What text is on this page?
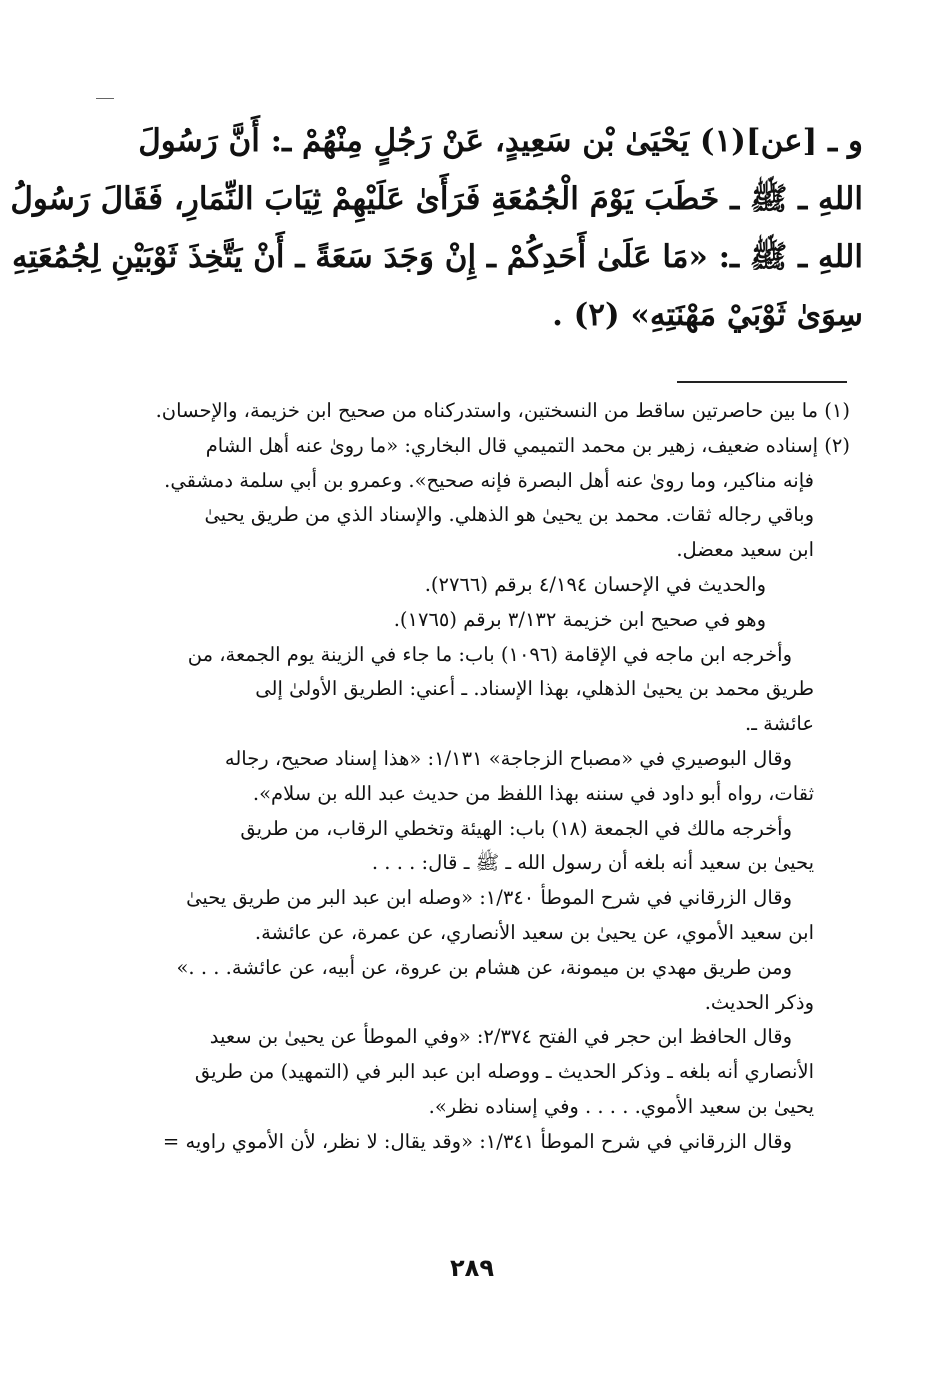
و ـ [عن](١) يَحْيَىٰ بْن سَعِيدٍ، عَنْ رَجُلٍ مِنْهُمْ ـ: أَنَّ رَسُولَ
اللهِ ـ ﷺ ـ خَطَبَ يَوْمَ الْجُمُعَةِ فَرَأَىٰ عَلَيْهِمْ ثِيَابَ النِّمَارِ، فَقَالَ رَسُولُ
اللهِ ـ ﷺ ـ: «مَا عَلَىٰ أَحَدِكُمْ ـ إِنْ وَجَدَ سَعَةً ـ أَنْ يَتَّخِذَ ثَوْبَيْنِ لِجُمُعَتِهِ
سِوَىٰ ثَوْبَيْ مَهْنَتِهِ» (٢) .
(١) ما بين حاصرتين ساقط من النسختين، واستدركناه من صحيح ابن خزيمة، والإحسان.
(٢) إسناده ضعيف، زهير بن محمد التميمي قال البخاري: «ما روىٰ عنه أهل الشام
فإنه مناكير، وما روىٰ عنه أهل البصرة فإنه صحيح». وعمرو بن أبي سلمة دمشقي.
وباقي رجاله ثقات. محمد بن يحيىٰ هو الذهلي. والإسناد الذي من طريق يحيىٰ
ابن سعيد معضل.
والحديث في الإحسان ٤/١٩٤ برقم (٢٧٦٦).
وهو في صحيح ابن خزيمة ٣/١٣٢ برقم (١٧٦٥).
وأخرجه ابن ماجه في الإقامة (١٠٩٦) باب: ما جاء في الزينة يوم الجمعة، من
طريق محمد بن يحيىٰ الذهلي، بهذا الإسناد. ـ أعني: الطريق الأولىٰ إلى
عائشة ـ.
وقال البوصيري في «مصباح الزجاجة» ١/١٣١: «هذا إسناد صحيح، رجاله
ثقات، رواه أبو داود في سننه بهذا اللفظ من حديث عبد الله بن سلام».
وأخرجه مالك في الجمعة (١٨) باب: الهيئة وتخطي الرقاب، من طريق
يحيىٰ بن سعيد أنه بلغه أن رسول الله ـ ﷺ ـ قال: . . . .
وقال الزرقاني في شرح الموطأ ١/٣٤٠: «وصله ابن عبد البر من طريق يحيىٰ
ابن سعيد الأموي، عن يحيىٰ بن سعيد الأنصاري، عن عمرة، عن عائشة.
ومن طريق مهدي بن ميمونة، عن هشام بن عروة، عن أبيه، عن عائشة. . . .»
وذكر الحديث.
وقال الحافظ ابن حجر في الفتح ٢/٣٧٤: «وفي الموطأ عن يحيىٰ بن سعيد
الأنصاري أنه بلغه ـ وذكر الحديث ـ ووصله ابن عبد البر في (التمهيد) من طريق
يحيىٰ بن سعيد الأموي. . . . . وفي إسناده نظر».
وقال الزرقاني في شرح الموطأ ١/٣٤١: «وقد يقال: لا نظر، لأن الأموي راويه =
٢٨٩
